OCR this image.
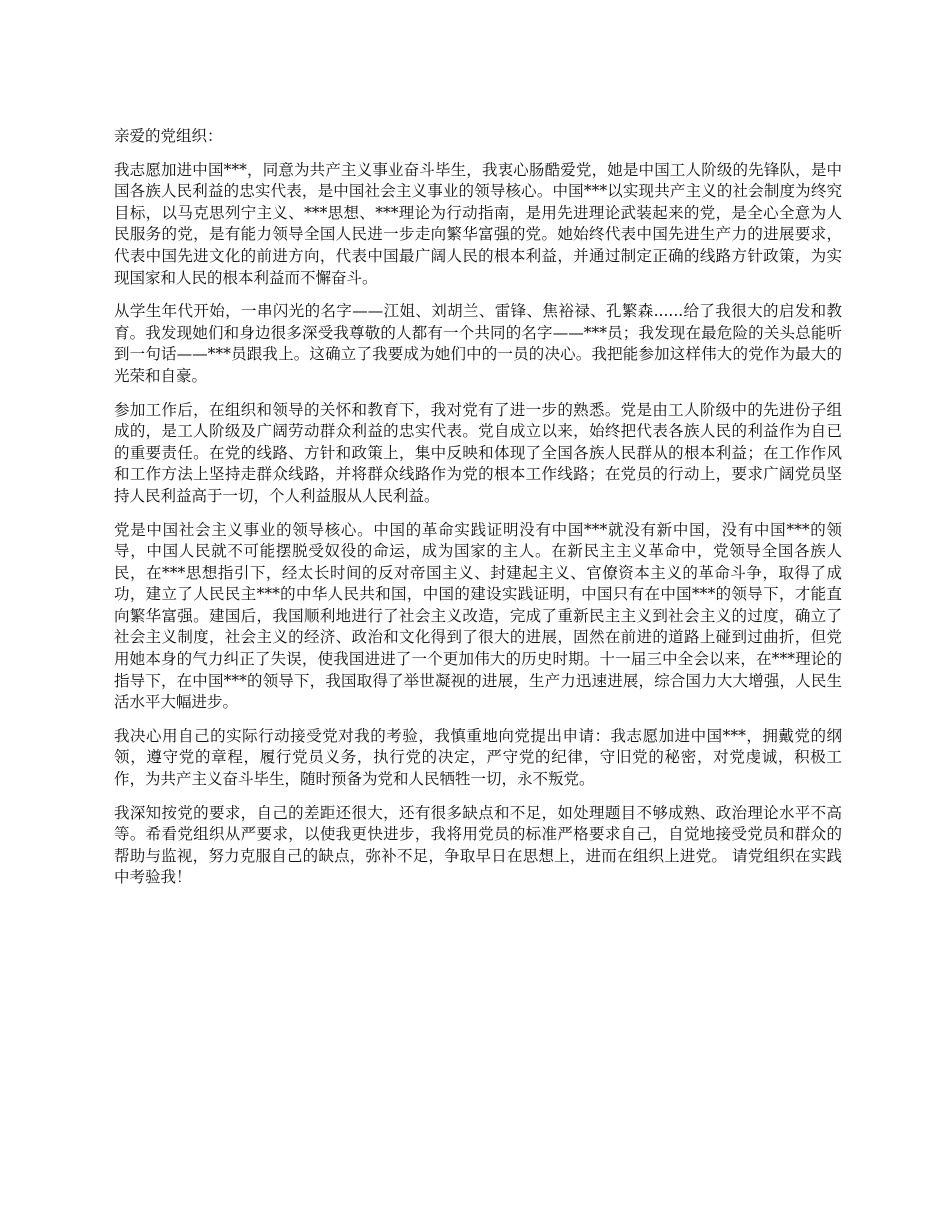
亲爱的党组织：

我志愿加进中国***，同意为共产主义事业奋斗毕生，我衷心肠酷爱党，她是中国工人阶级的先锋队，是中国各族人民利益的忠实代表，是中国社会主义事业的领导核心。中国***以实现共产主义的社会制度为终究目标，以马克思列宁主义、***思想、***理论为行动指南，是用先进理论武装起来的党，是全心全意为人民服务的党，是有能力领导全国人民进一步走向繁华富强的党。她始终代表中国先进生产力的进展要求，代表中国先进文化的前进方向，代表中国最广阔人民的根本利益，并通过制定正确的线路方针政策，为实现国家和人民的根本利益而不懈奋斗。

从学生年代开始，一串闪光的名字——江姐、刘胡兰、雷锋、焦裕禄、孔繁森......给了我很大的启发和教育。我发现她们和身边很多深受我尊敬的人都有一个共同的名字——***员；我发现在最危险的关头总能听到一句话——***员跟我上。这确立了我要成为她们中的一员的决心。我把能参加这样伟大的党作为最大的光荣和自豪。

参加工作后，在组织和领导的关怀和教育下，我对党有了进一步的熟悉。党是由工人阶级中的先进份子组成的，是工人阶级及广阔劳动群众利益的忠实代表。党自成立以来，始终把代表各族人民的利益作为自已的重要责任。在党的线路、方针和政策上，集中反映和体现了全国各族人民群从的根本利益；在工作作风和工作方法上坚持走群众线路，并将群众线路作为党的根本工作线路；在党员的行动上，要求广阔党员坚持人民利益高于一切，个人利益服从人民利益。

党是中国社会主义事业的领导核心。中国的革命实践证明没有中国***就没有新中国，没有中国***的领导，中国人民就不可能摆脱受奴役的命运，成为国家的主人。在新民主主义革命中，党领导全国各族人民，在***思想指引下，经太长时间的反对帝国主义、封建起主义、官僚资本主义的革命斗争，取得了成功，建立了人民民主***的中华人民共和国，中国的建设实践证明，中国只有在中国***的领导下，才能直向繁华富强。建国后，我国顺利地进行了社会主义改造，完成了重新民主主义到社会主义的过度，确立了社会主义制度，社会主义的经济、政治和文化得到了很大的进展，固然在前进的道路上碰到过曲折，但党用她本身的气力纠正了失误，使我国进进了一个更加伟大的历史时期。十一届三中全会以来，在***理论的指导下，在中国***的领导下，我国取得了举世凝视的进展，生产力迅速进展，综合国力大大增强，人民生活水平大幅进步。

我决心用自己的实际行动接受党对我的考验，我慎重地向党提出申请：我志愿加进中国***，拥戴党的纲领，遵守党的章程，履行党员义务，执行党的决定，严守党的纪律，守旧党的秘密，对党虔诚，积极工作，为共产主义奋斗毕生，随时预备为党和人民牺牲一切，永不叛党。

我深知按党的要求，自己的差距还很大，还有很多缺点和不足，如处理题目不够成熟、政治理论水平不高等。希看党组织从严要求，以使我更快进步，我将用党员的标准严格要求自己，自觉地接受党员和群众的帮助与监视，努力克服自己的缺点，弥补不足，争取早日在思想上，进而在组织上进党。 请党组织在实践中考验我！
